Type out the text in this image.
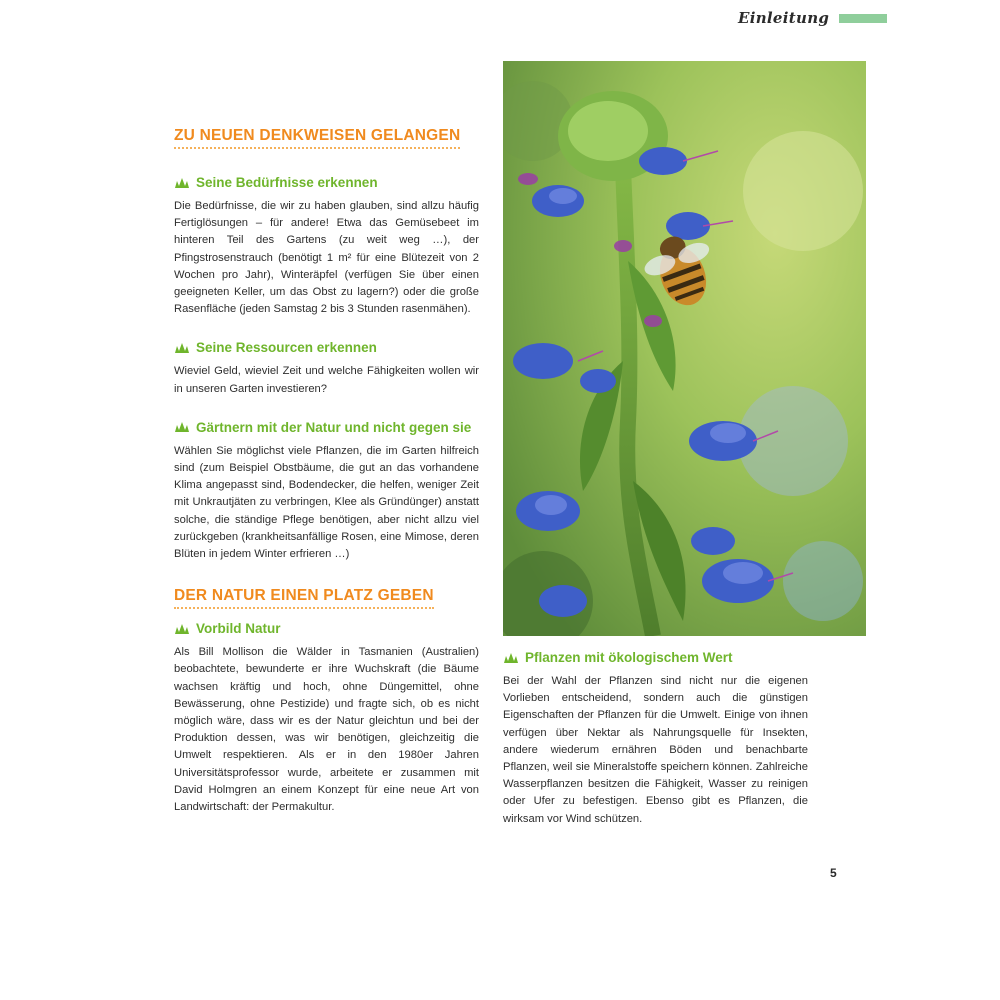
Einleitung
ZU NEUEN DENKWEISEN GELANGEN
Seine Bedürfnisse erkennen

Die Bedürfnisse, die wir zu haben glauben, sind allzu häufig Fertiglösungen – für andere! Etwa das Gemüsebeet im hinteren Teil des Gartens (zu weit weg …), der Pfingstrosenstrauch (benötigt 1 m² für eine Blütezeit von 2 Wochen pro Jahr), Winteräpfel (verfügen Sie über einen geeigneten Keller, um das Obst zu lagern?) oder die große Rasenfläche (jeden Samstag 2 bis 3 Stunden rasenmähen).

Seine Ressourcen erkennen

Wieviel Geld, wieviel Zeit und welche Fähigkeiten wollen wir in unseren Garten investieren?

Gärtnern mit der Natur und nicht gegen sie

Wählen Sie möglichst viele Pflanzen, die im Garten hilfreich sind (zum Beispiel Obstbäume, die gut an das vorhandene Klima angepasst sind, Bodendecker, die helfen, weniger Zeit mit Unkrautjäten zu verbringen, Klee als Gründünger) anstatt solche, die ständige Pflege benötigen, aber nicht allzu viel zurückgeben (krankheitsanfällige Rosen, eine Mimose, deren Blüten in jedem Winter erfrieren …)

DER NATUR EINEN PLATZ GEBEN
Vorbild Natur

Als Bill Mollison die Wälder in Tasmanien (Australien) beobachtete, bewunderte er ihre Wuchskraft (die Bäume wachsen kräftig und hoch, ohne Düngemittel, ohne Bewässerung, ohne Pestizide) und fragte sich, ob es nicht möglich wäre, dass wir es der Natur gleichtun und bei der Produktion dessen, was wir benötigen, gleichzeitig die Umwelt respektieren. Als er in den 1980er Jahren Universitätsprofessor wurde, arbeitete er zusammen mit David Holmgren an einem Konzept für eine neue Art von Landwirtschaft: der Permakultur.

Pflanzen mit ökologischem Wert

Bei der Wahl der Pflanzen sind nicht nur die eigenen Vorlieben entscheidend, sondern auch die günstigen Eigenschaften der Pflanzen für die Umwelt. Einige von ihnen verfügen über Nektar als Nahrungsquelle für Insekten, andere wiederum ernähren Böden und benachbarte Pflanzen, weil sie Mineralstoffe speichern können. Zahlreiche Wasserpflanzen besitzen die Fähigkeit, Wasser zu reinigen oder Ufer zu befestigen. Ebenso gibt es Pflanzen, die wirksam vor Wind schützen.

5
